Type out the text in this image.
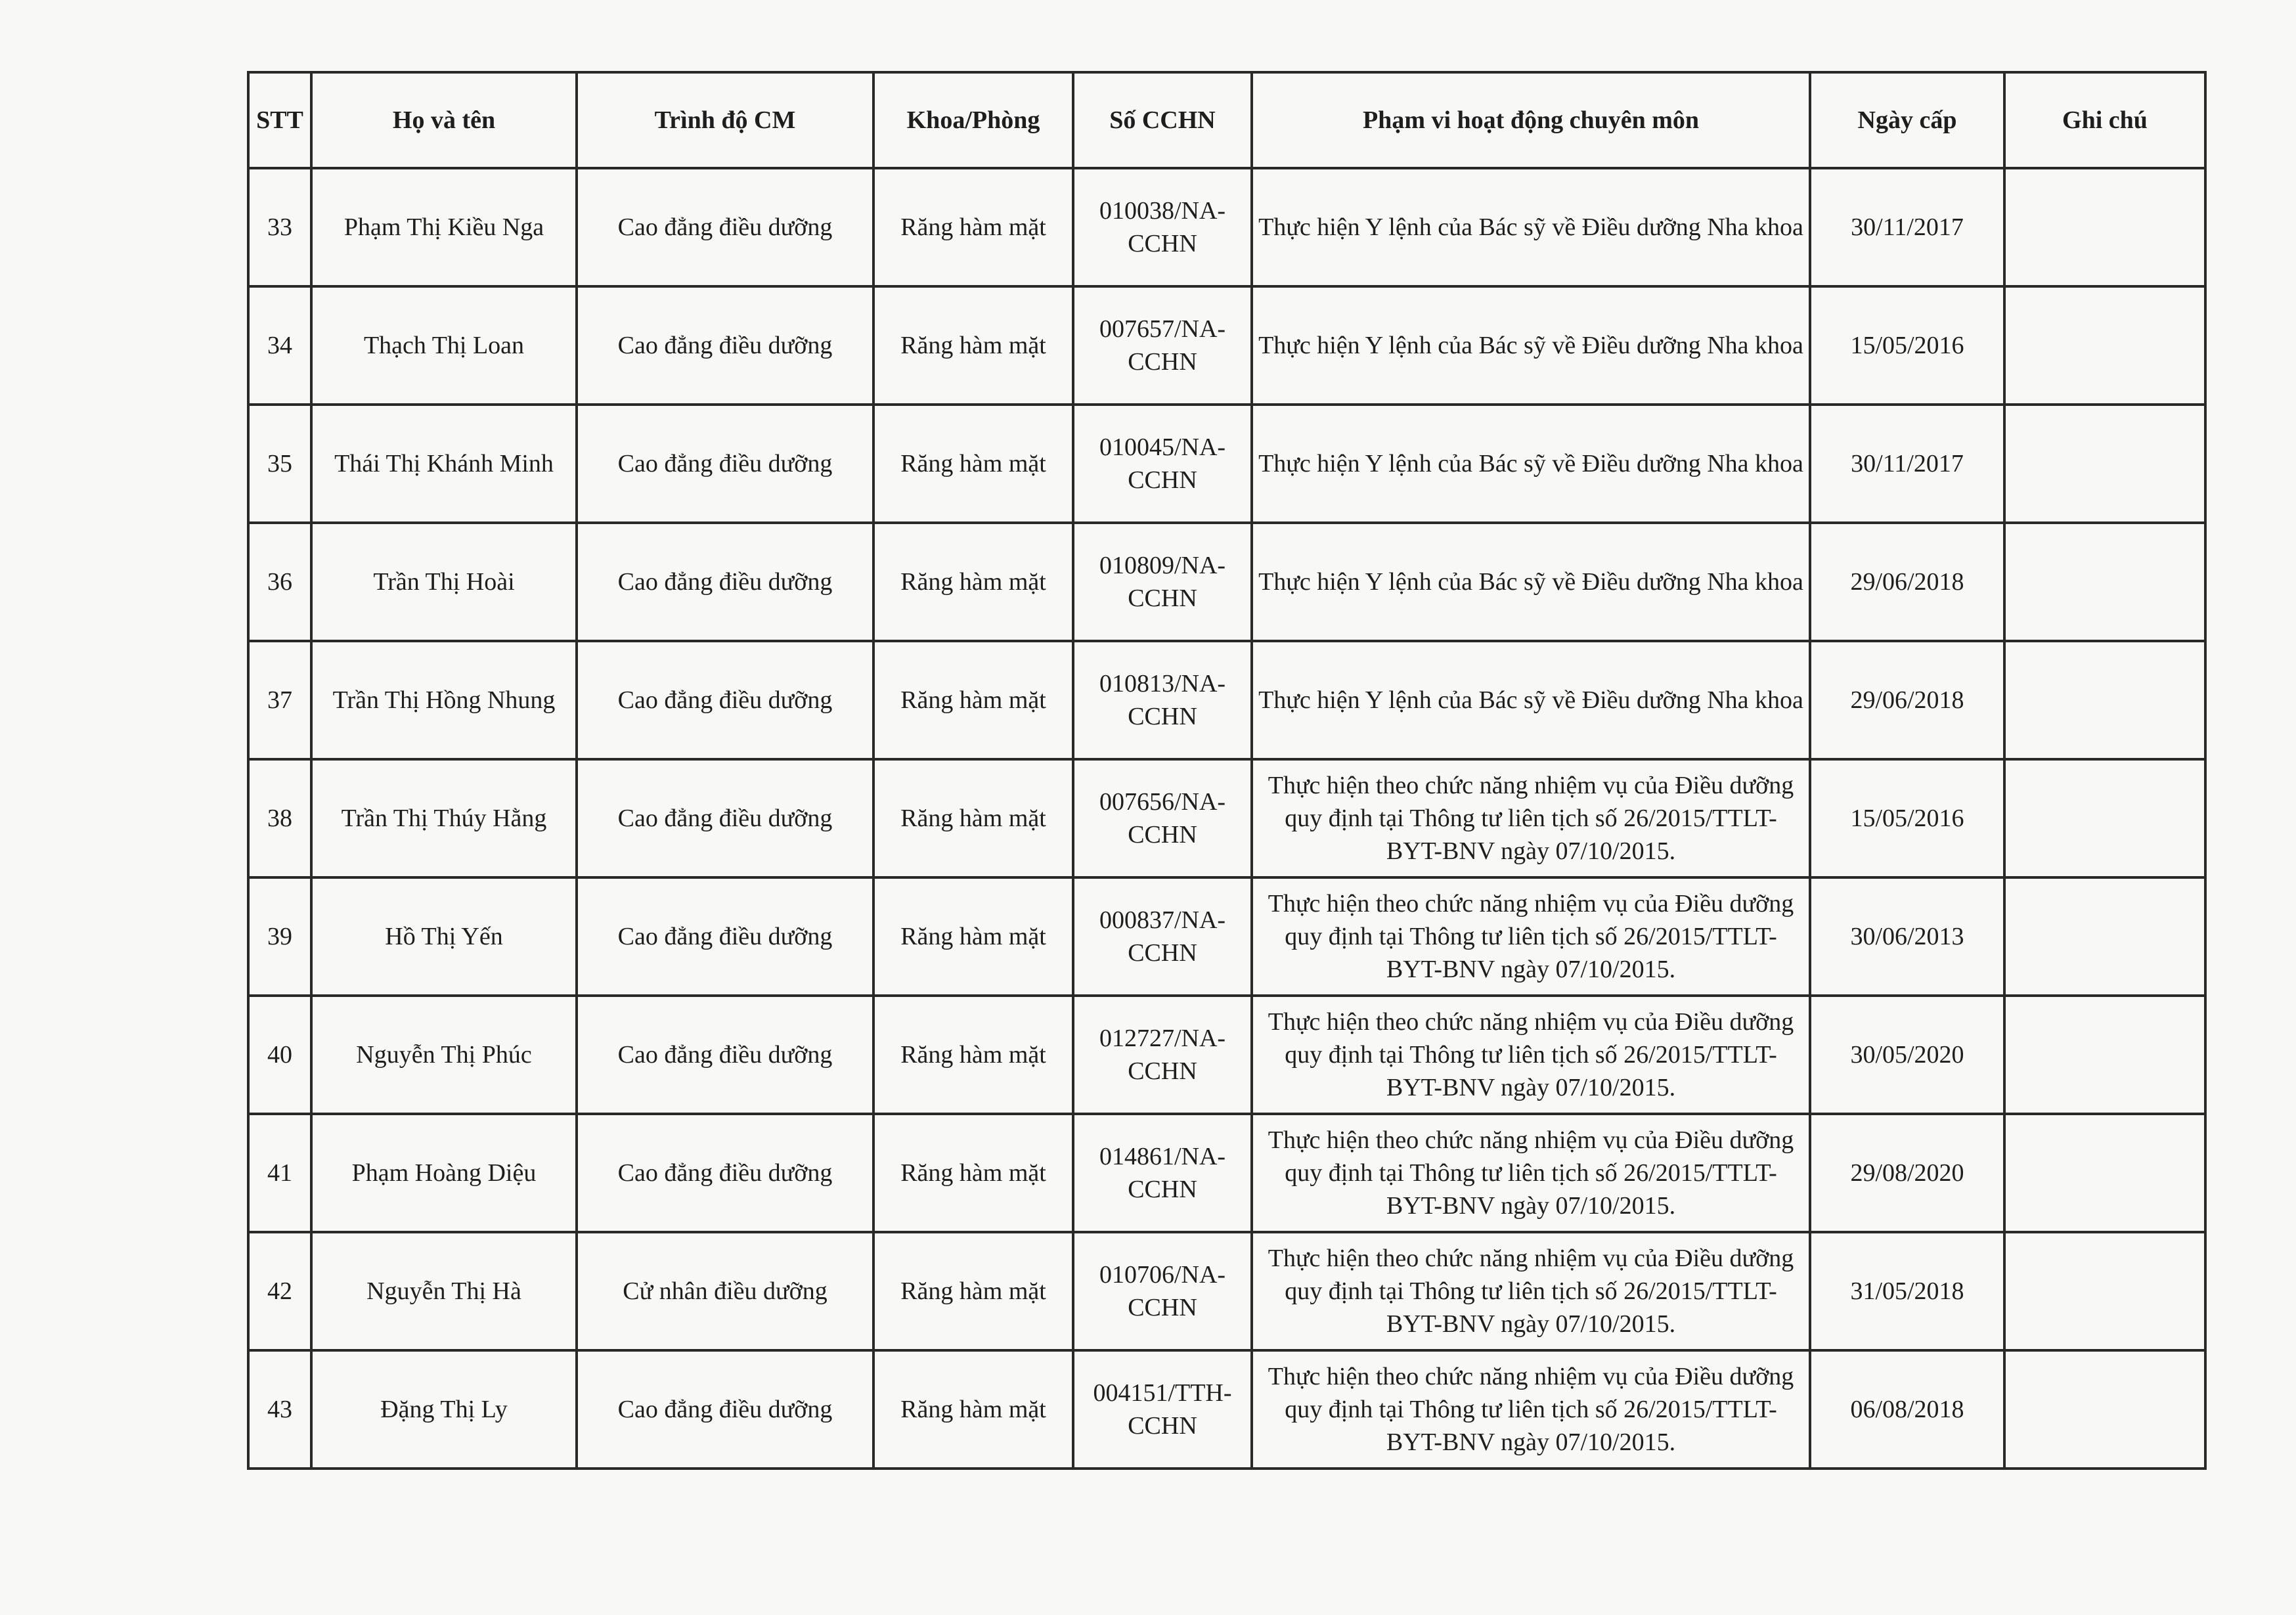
STT	Họ và tên	Trình độ CM	Khoa/Phòng	Số CCHN	Phạm vi hoạt động chuyên môn	Ngày cấp	Ghi chú
33	Phạm Thị Kiều Nga	Cao đẳng điều dưỡng	Răng hàm mặt	010038/NA-CCHN	Thực hiện Y lệnh của Bác sỹ về Điều dưỡng Nha khoa	30/11/2017	
34	Thạch Thị Loan	Cao đẳng điều dưỡng	Răng hàm mặt	007657/NA-CCHN	Thực hiện Y lệnh của Bác sỹ về Điều dưỡng Nha khoa	15/05/2016	
35	Thái Thị Khánh Minh	Cao đẳng điều dưỡng	Răng hàm mặt	010045/NA-CCHN	Thực hiện Y lệnh của Bác sỹ về Điều dưỡng Nha khoa	30/11/2017	
36	Trần Thị Hoài	Cao đẳng điều dưỡng	Răng hàm mặt	010809/NA-CCHN	Thực hiện Y lệnh của Bác sỹ về Điều dưỡng Nha khoa	29/06/2018	
37	Trần Thị Hồng Nhung	Cao đẳng điều dưỡng	Răng hàm mặt	010813/NA-CCHN	Thực hiện Y lệnh của Bác sỹ về Điều dưỡng Nha khoa	29/06/2018	
38	Trần Thị Thúy Hằng	Cao đẳng điều dưỡng	Răng hàm mặt	007656/NA-CCHN	Thực hiện theo chức năng nhiệm vụ của Điều dưỡng quy định tại Thông tư liên tịch số 26/2015/TTLT-BYT-BNV ngày 07/10/2015.	15/05/2016	
39	Hồ Thị Yến	Cao đẳng điều dưỡng	Răng hàm mặt	000837/NA-CCHN	Thực hiện theo chức năng nhiệm vụ của Điều dưỡng quy định tại Thông tư liên tịch số 26/2015/TTLT-BYT-BNV ngày 07/10/2015.	30/06/2013	
40	Nguyễn Thị Phúc	Cao đẳng điều dưỡng	Răng hàm mặt	012727/NA-CCHN	Thực hiện theo chức năng nhiệm vụ của Điều dưỡng quy định tại Thông tư liên tịch số 26/2015/TTLT-BYT-BNV ngày 07/10/2015.	30/05/2020	
41	Phạm Hoàng Diệu	Cao đẳng điều dưỡng	Răng hàm mặt	014861/NA-CCHN	Thực hiện theo chức năng nhiệm vụ của Điều dưỡng quy định tại Thông tư liên tịch số 26/2015/TTLT-BYT-BNV ngày 07/10/2015.	29/08/2020	
42	Nguyễn Thị Hà	Cử nhân điều dưỡng	Răng hàm mặt	010706/NA-CCHN	Thực hiện theo chức năng nhiệm vụ của Điều dưỡng quy định tại Thông tư liên tịch số 26/2015/TTLT-BYT-BNV ngày 07/10/2015.	31/05/2018	
43	Đặng Thị Ly	Cao đẳng điều dưỡng	Răng hàm mặt	004151/TTH-CCHN	Thực hiện theo chức năng nhiệm vụ của Điều dưỡng quy định tại Thông tư liên tịch số 26/2015/TTLT-BYT-BNV ngày 07/10/2015.	06/08/2018	
